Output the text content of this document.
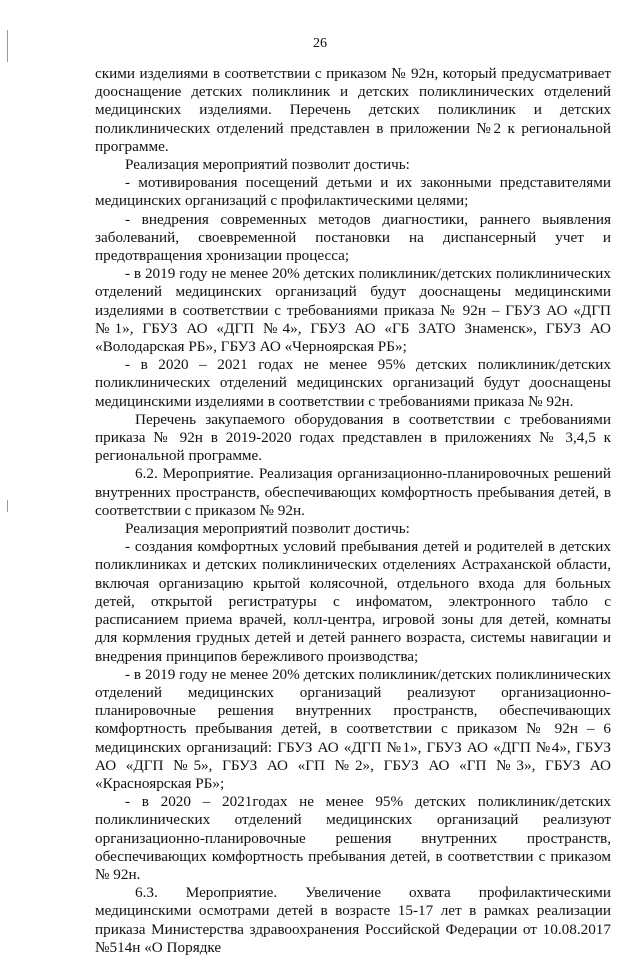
26

скими изделиями в соответствии с приказом № 92н, который предусматривает дооснащение детских поликлиник и детских поликлинических отделений медицинских изделиями. Перечень детских поликлиник и детских поликлинических отделений представлен в приложении №2 к региональной программе.

Реализация мероприятий позволит достичь:

- мотивирования посещений детьми и их законными представителями медицинских организаций с профилактическими целями;

- внедрения современных методов диагностики, раннего выявления заболеваний, своевременной постановки на диспансерный учет и предотвращения хронизации процесса;

- в 2019 году не менее 20% детских поликлиник/детских поликлинических отделений медицинских организаций будут дооснащены медицинскими изделиями в соответствии с требованиями приказа № 92н – ГБУЗ АО «ДГП №1», ГБУЗ АО «ДГП №4», ГБУЗ АО «ГБ ЗАТО Знаменск», ГБУЗ АО «Володарская РБ», ГБУЗ АО «Черноярская РБ»;

- в 2020 – 2021 годах не менее 95% детских поликлиник/детских поликлинических отделений медицинских организаций будут дооснащены медицинскими изделиями в соответствии с требованиями приказа № 92н.

Перечень закупаемого оборудования в соответствии с требованиями приказа № 92н в 2019-2020 годах представлен в приложениях № 3,4,5 к региональной программе.

6.2. Мероприятие. Реализация организационно-планировочных решений внутренних пространств, обеспечивающих комфортность пребывания детей, в соответствии с приказом № 92н.

Реализация мероприятий позволит достичь:

- создания комфортных условий пребывания детей и родителей в детских поликлиниках и детских поликлинических отделениях Астраханской области, включая организацию крытой колясочной, отдельного входа для больных детей, открытой регистратуры с инфоматом, электронного табло с расписанием приема врачей, колл-центра, игровой зоны для детей, комнаты для кормления грудных детей и детей раннего возраста, системы навигации и внедрения принципов бережливого производства;

- в 2019 году не менее 20% детских поликлиник/детских поликлинических отделений медицинских организаций реализуют организационно-планировочные решения внутренних пространств, обеспечивающих комфортность пребывания детей, в соответствии с приказом № 92н – 6 медицинских организаций: ГБУЗ АО «ДГП №1», ГБУЗ АО «ДГП №4», ГБУЗ АО «ДГП №5», ГБУЗ АО «ГП №2», ГБУЗ АО «ГП №3», ГБУЗ АО «Красноярская РБ»;

- в 2020 – 2021годах не менее 95% детских поликлиник/детских поликлинических отделений медицинских организаций реализуют организационно-планировочные решения внутренних пространств, обеспечивающих комфортность пребывания детей, в соответствии с приказом № 92н.

6.3. Мероприятие. Увеличение охвата профилактическими медицинскими осмотрами детей в возрасте 15-17 лет в рамках реализации приказа Министерства здравоохранения Российской Федерации от 10.08.2017 №514н «О Порядке
